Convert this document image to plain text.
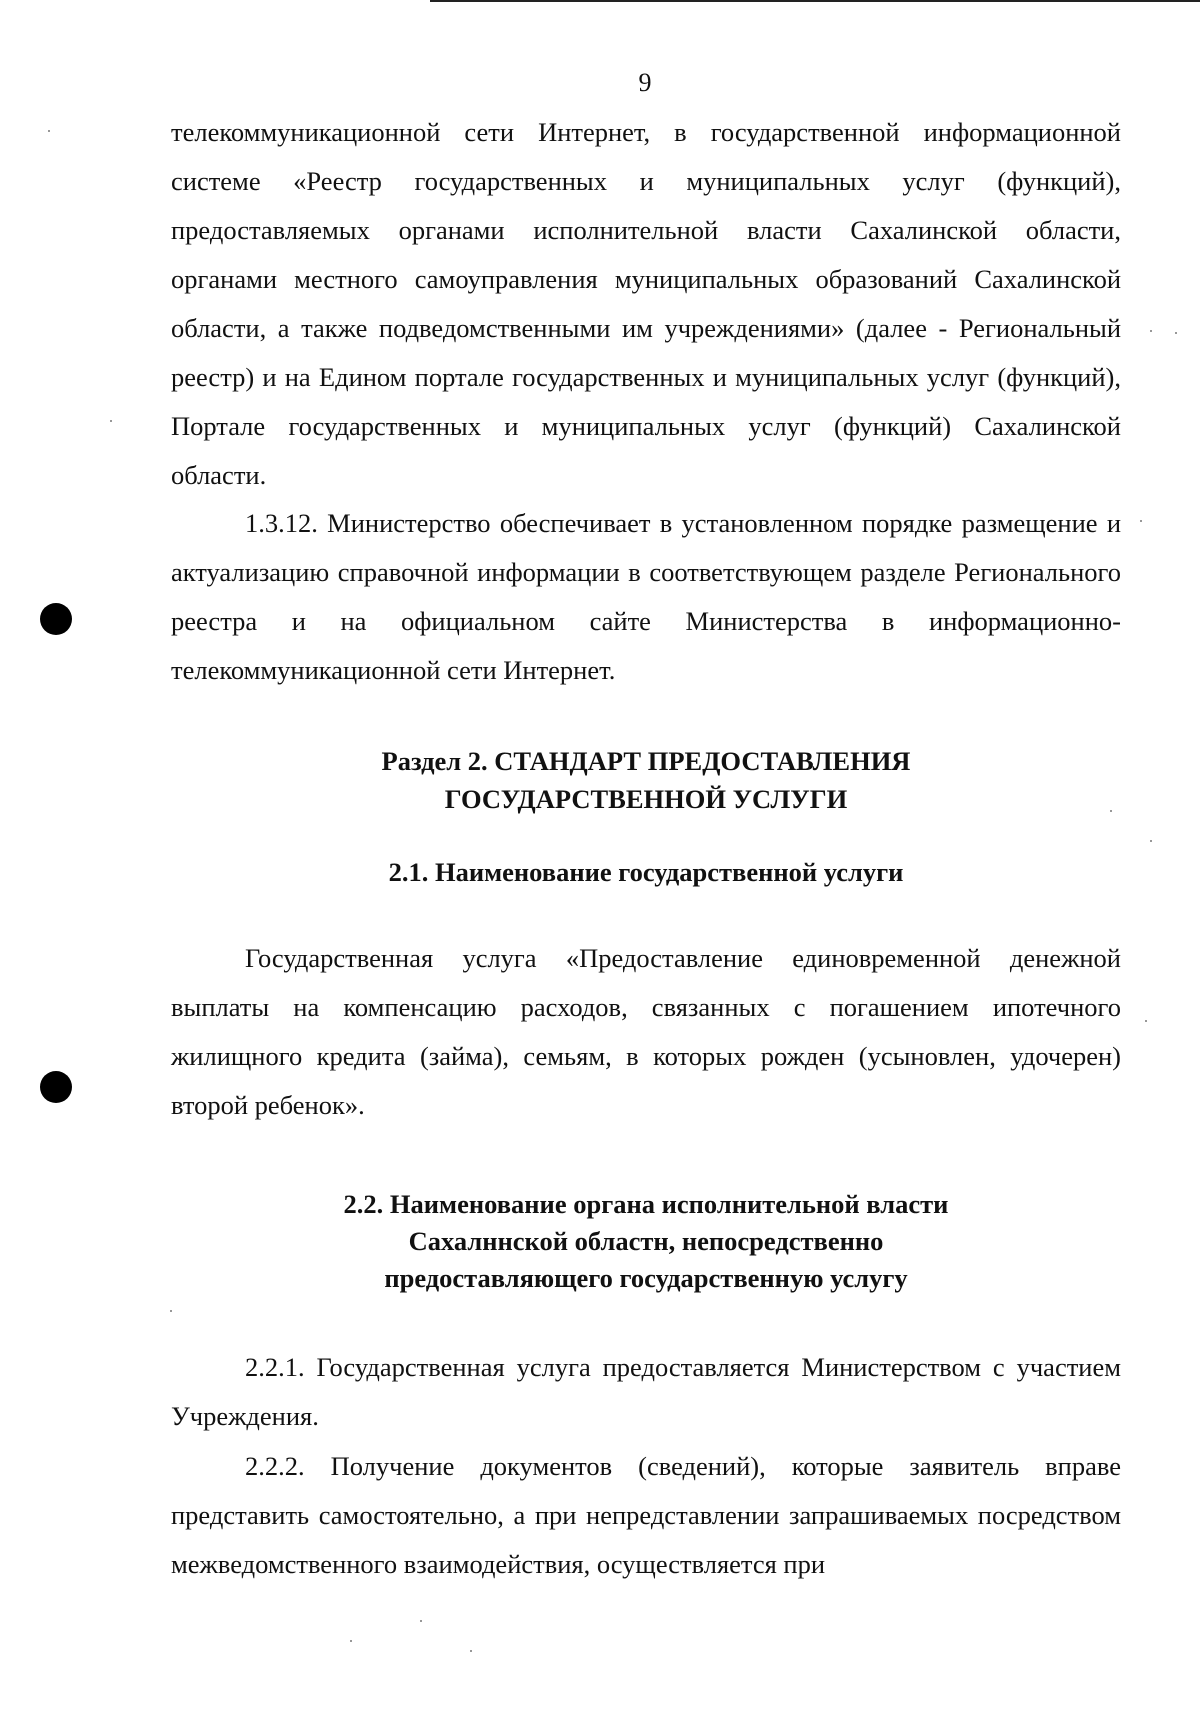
9

телекоммуникационной сети Интернет, в государственной информационной системе «Реестр государственных и муниципальных услуг (функций), предоставляемых органами исполнительной власти Сахалинской области, органами местного самоуправления муниципальных образований Сахалинской области, а также подведомственными им учреждениями» (далее - Региональный реестр) и на Едином портале государственных и муниципальных услуг (функций), Портале государственных и муниципальных услуг (функций) Сахалинской области.

1.3.12. Министерство обеспечивает в установленном порядке размещение и актуализацию справочной информации в соответствующем разделе Регионального реестра и на официальном сайте Министерства в информационно-телекоммуникационной сети Интернет.

Раздел 2. СТАНДАРТ ПРЕДОСТАВЛЕНИЯ
ГОСУДАРСТВЕННОЙ УСЛУГИ
2.1. Наименование государственной услуги

Государственная услуга «Предоставление единовременной денежной выплаты на компенсацию расходов, связанных с погашением ипотечного жилищного кредита (займа), семьям, в которых рожден (усыновлен, удочерен) второй ребенок».

2.2. Наименование органа исполнительной власти
Сахалннской областн, непосредственно
предоставляющего государственную услугу

2.2.1. Государственная услуга предоставляется Министерством с участием Учреждения.

2.2.2. Получение документов (сведений), которые заявитель вправе представить самостоятельно, а при непредставлении запрашиваемых посредством межведомственного взаимодействия, осуществляется при
